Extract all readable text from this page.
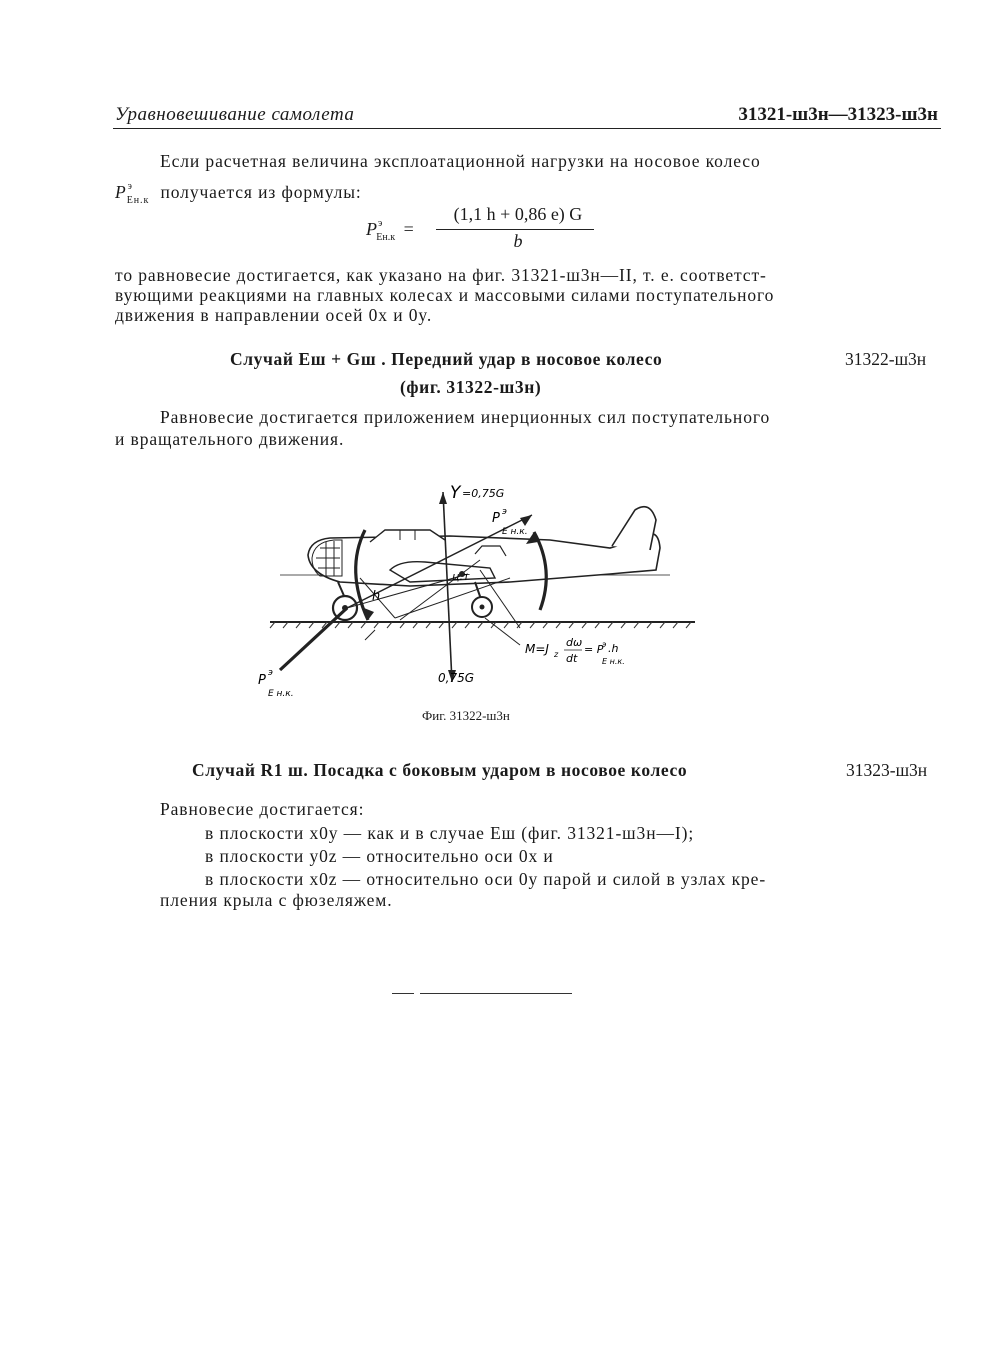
Уравновешивание самолета	31321-ш3н—31323-ш3н
Если расчетная величина эксплоатационной нагрузки на носовое колесо
$P^э_{Eн.к}$ получается из формулы:
$P^э_{Eн.к}$ =
(1,1 h + 0,86 e) G
b
то равновесие достигается, как указано на фиг. 31321-ш3н—II, т. е. соответст-
вующими реакциями на главных колесах и массовыми силами поступательного
движения в направлении осей 0x и 0y.
Случай Eш + Gш . Передний удар в носовое колесо
(фиг. 31322-ш3н)
31322-ш3н
Равновесие достигается приложением инерционных сил поступательного
и вращательного движения.
Y =0,75G
P э
E н.к.
ц.т
h
M=J z
dω
dt
= P
э
E н.к.
.h
0,75G
P э
E н.к.
Фиг. 31322-ш3н
Случай R1 ш. Посадка с боковым ударом в носовое колесо	31323-ш3н
Равновесие достигается:
в плоскости x0y — как и в случае Eш (фиг. 31321-ш3н—I);
в плоскости y0z — относительно оси 0x и
в плоскости x0z — относительно оси 0y парой и силой в узлах кре-
пления крыла с фюзеляжем.
